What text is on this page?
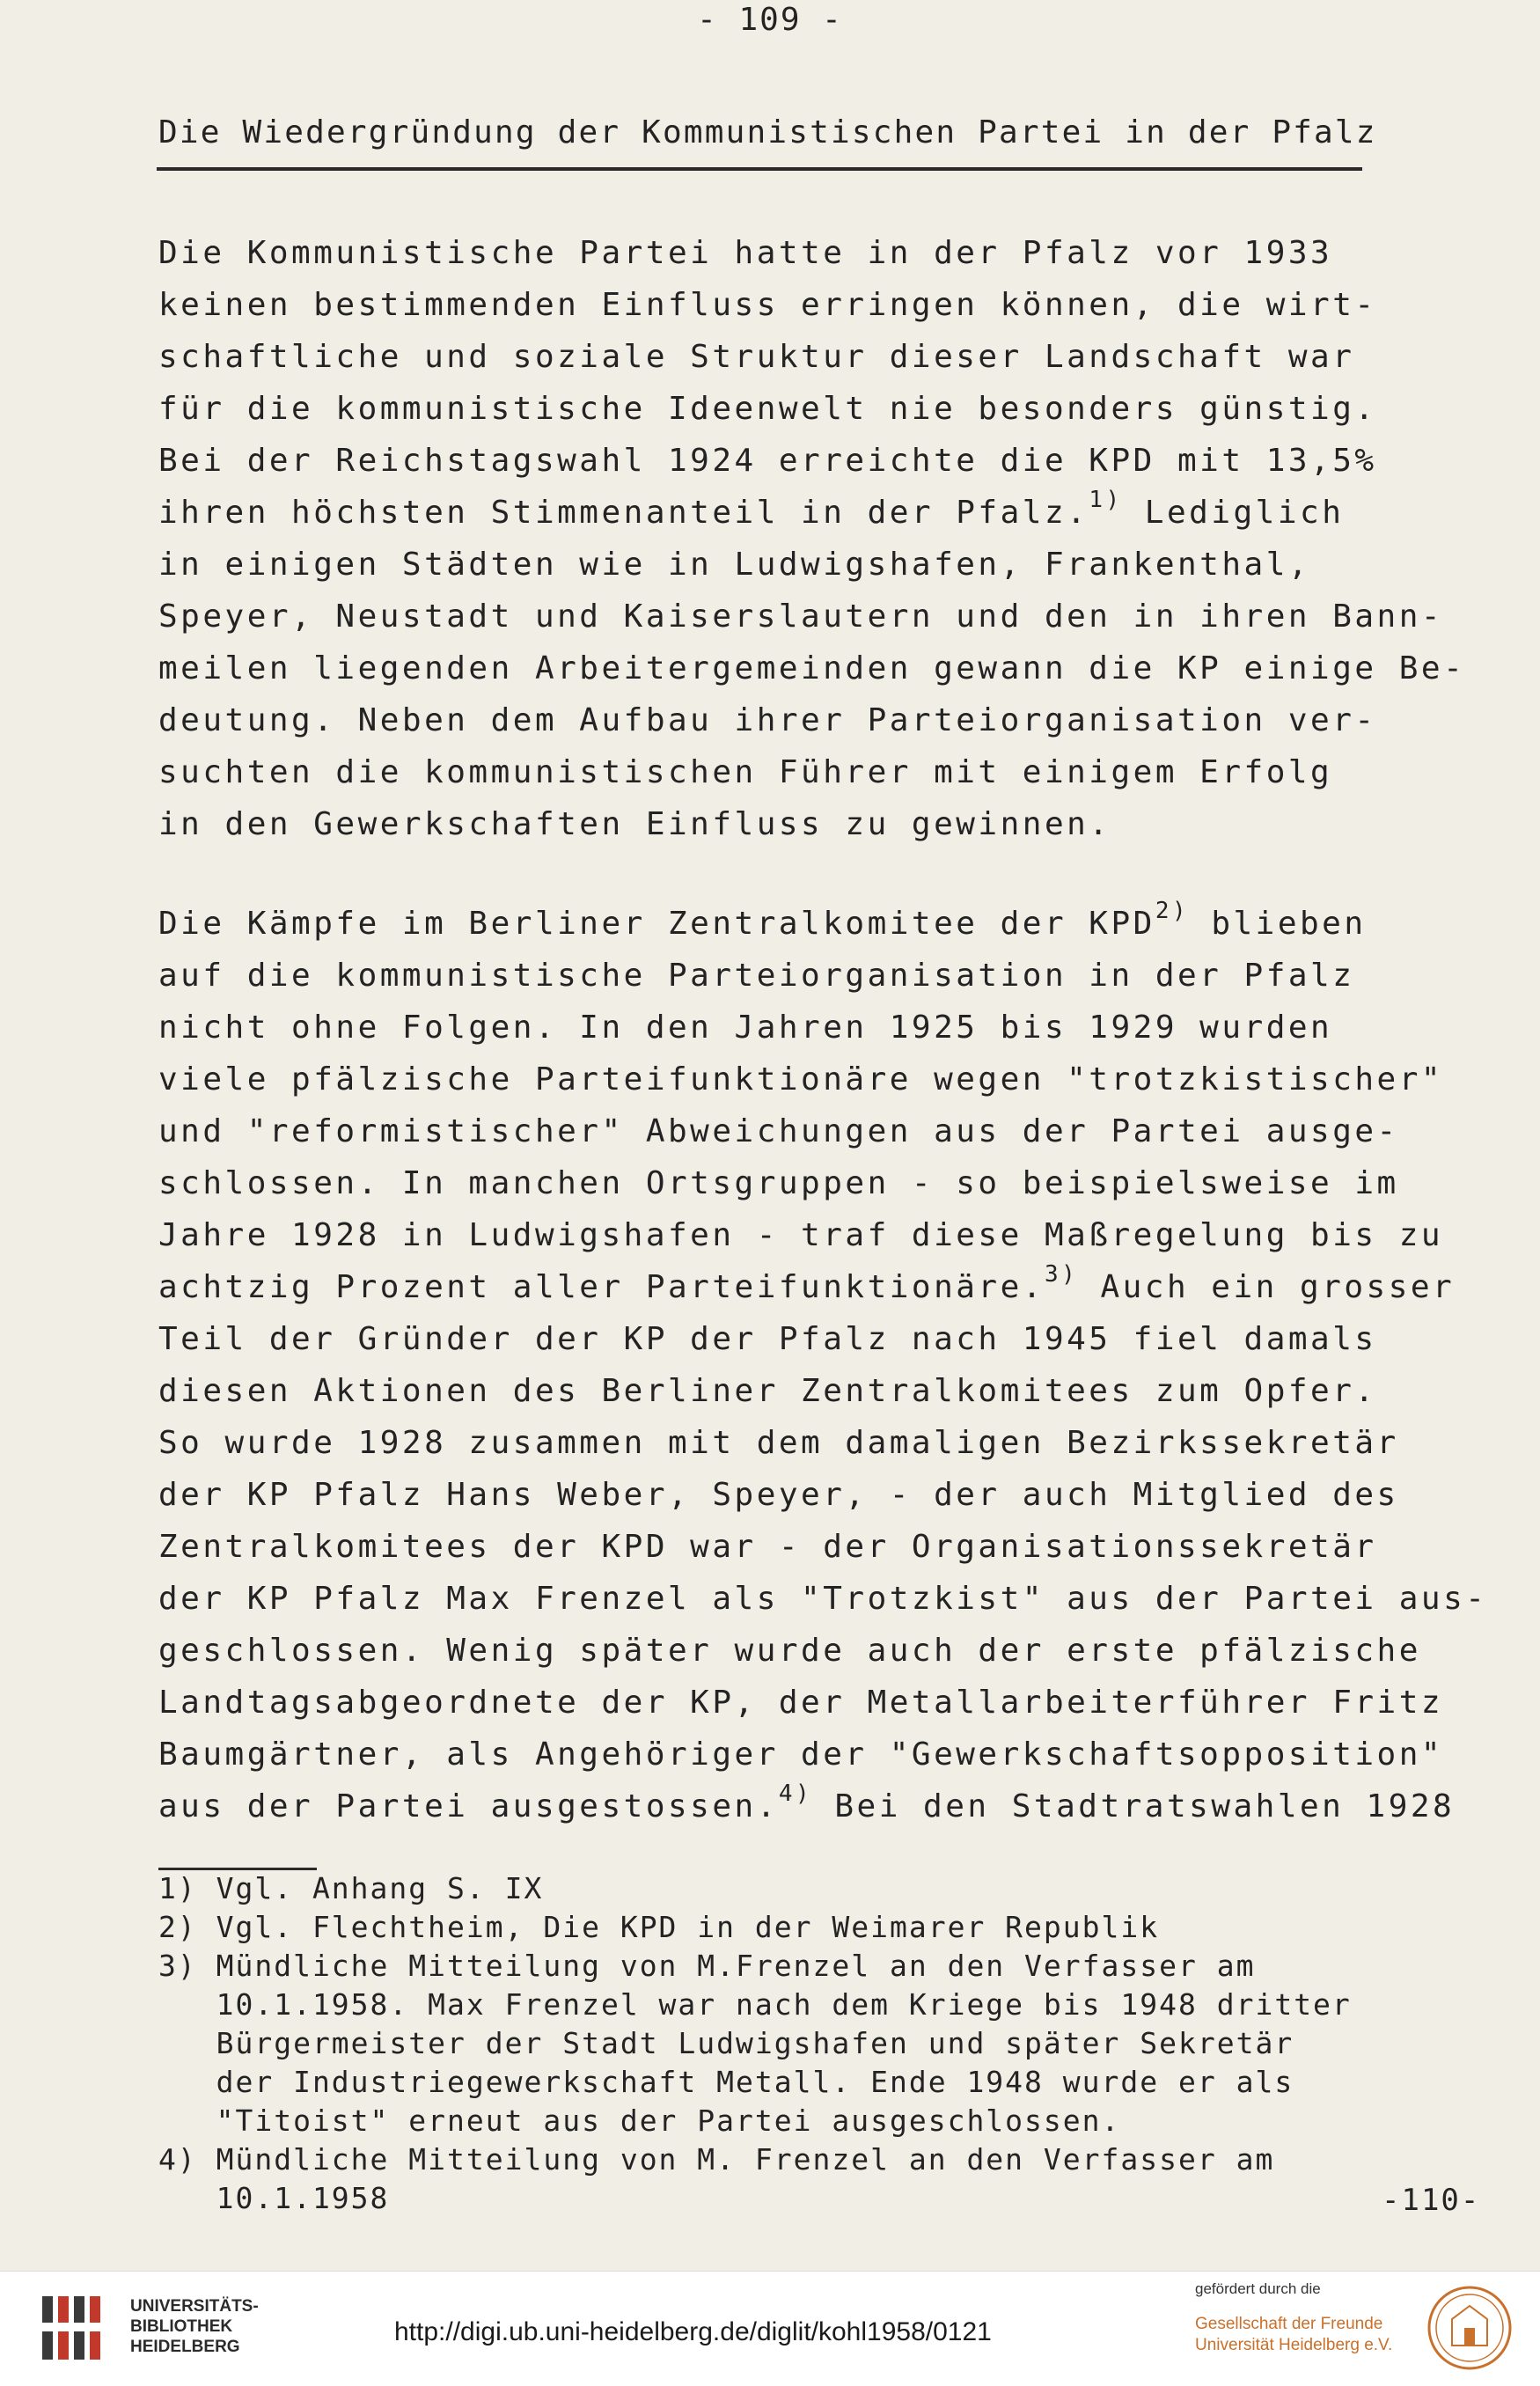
- 109 -
Die Wiedergründung der Kommunistischen Partei in der Pfalz
Die Kommunistische Partei hatte in der Pfalz vor 1933
keinen bestimmenden Einfluss erringen können, die wirt-
schaftliche und soziale Struktur dieser Landschaft war
für die kommunistische Ideenwelt nie besonders günstig.
Bei der Reichstagswahl 1924 erreichte die KPD mit 13,5%
ihren höchsten Stimmenanteil in der Pfalz.$^{1)}$ Lediglich
in einigen Städten wie in Ludwigshafen, Frankenthal,
Speyer, Neustadt und Kaiserslautern und den in ihren Bann-
meilen liegenden Arbeitergemeinden gewann die KP einige Be-
deutung. Neben dem Aufbau ihrer Parteiorganisation ver-
suchten die kommunistischen Führer mit einigem Erfolg
in den Gewerkschaften Einfluss zu gewinnen.
Die Kämpfe im Berliner Zentralkomitee der KPD$^{2)}$ blieben
auf die kommunistische Parteiorganisation in der Pfalz
nicht ohne Folgen. In den Jahren 1925 bis 1929 wurden
viele pfälzische Parteifunktionäre wegen "trotzkistischer"
und "reformistischer" Abweichungen aus der Partei ausge-
schlossen. In manchen Ortsgruppen - so beispielsweise im
Jahre 1928 in Ludwigshafen - traf diese Maßregelung bis zu
achtzig Prozent aller Parteifunktionäre.$^{3)}$ Auch ein grosser
Teil der Gründer der KP der Pfalz nach 1945 fiel damals
diesen Aktionen des Berliner Zentralkomitees zum Opfer.
So wurde 1928 zusammen mit dem damaligen Bezirkssekretär
der KP Pfalz Hans Weber, Speyer, - der auch Mitglied des
Zentralkomitees der KPD war - der Organisationssekretär
der KP Pfalz Max Frenzel als "Trotzkist" aus der Partei aus-
geschlossen. Wenig später wurde auch der erste pfälzische
Landtagsabgeordnete der KP, der Metallarbeiterführer Fritz
Baumgärtner, als Angehöriger der "Gewerkschaftsopposition"
aus der Partei ausgestossen.$^{4)}$ Bei den Stadtratswahlen 1928
1) Vgl. Anhang S. IX
2) Vgl. Flechtheim, Die KPD in der Weimarer Republik
3) Mündliche Mitteilung von M.Frenzel an den Verfasser am
10.1.1958. Max Frenzel war nach dem Kriege bis 1948 dritter
Bürgermeister der Stadt Ludwigshafen und später Sekretär
der Industriegewerkschaft Metall. Ende 1948 wurde er als
"Titoist" erneut aus der Partei ausgeschlossen.
4) Mündliche Mitteilung von M. Frenzel an den Verfasser am
10.1.1958	-110-
UNIVERSITÄTS-
BIBLIOTHEK
HEIDELBERG
http://digi.ub.uni-heidelberg.de/diglit/kohl1958/0121
gefördert durch die
Gesellschaft der Freunde
Universität Heidelberg e.V.
